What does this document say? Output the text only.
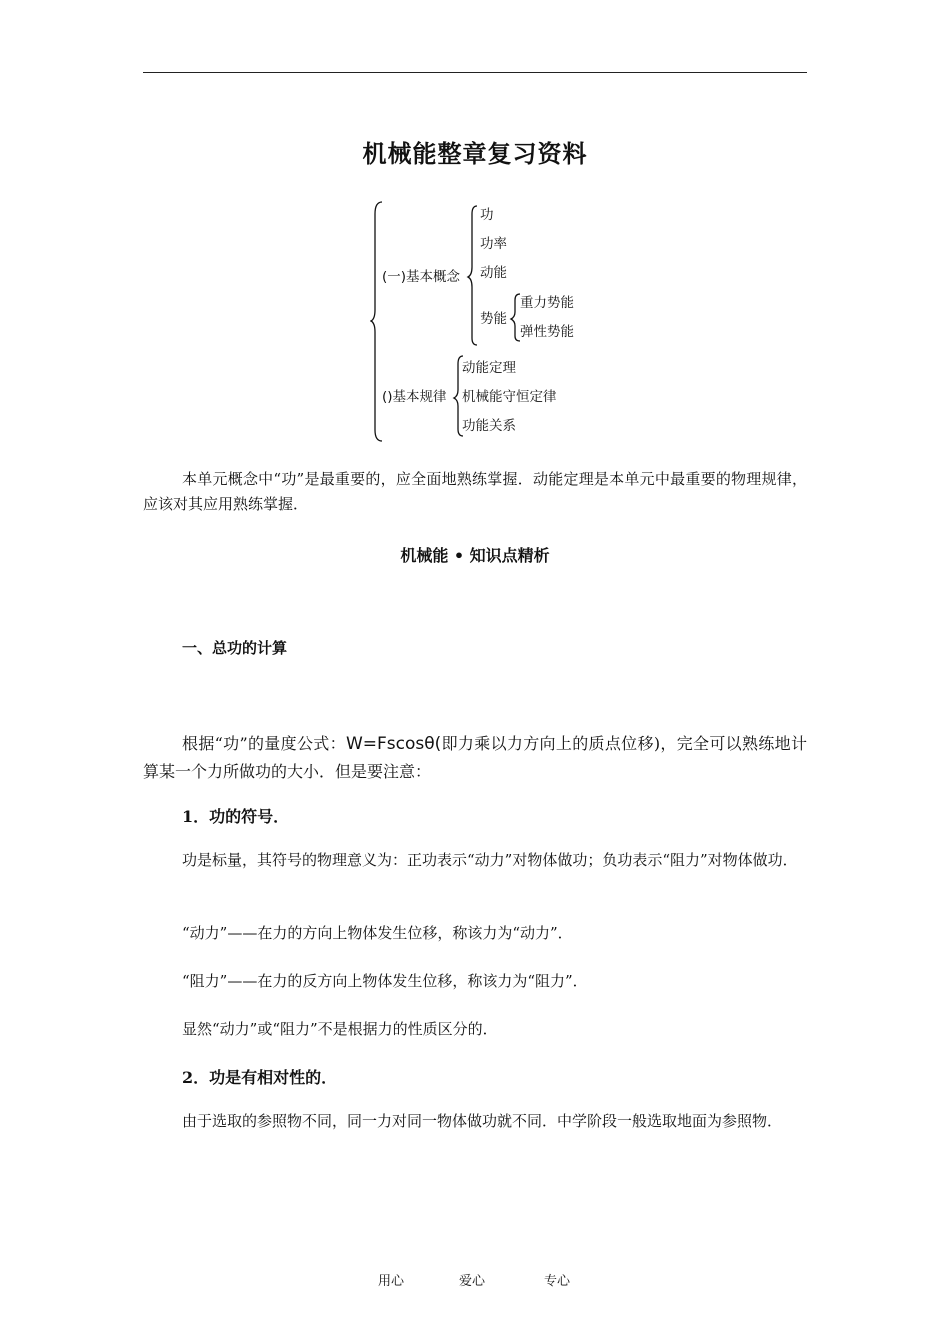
机械能整章复习资料
(一)基本概念
功
功率
动能
势能
重力势能
弹性势能
()基本规律
动能定理
机械能守恒定律
功能关系
本单元概念中“功”是最重要的，应全面地熟练掌握．动能定理是本单元中最重要的物理规律，应该对其应用熟练掌握．
机械能 • 知识点精析
一、总功的计算
根据“功”的量度公式：W=Fscosθ(即力乘以力方向上的质点位移)，完全可以熟练地计算某一个力所做功的大小．但是要注意：
1．功的符号．
功是标量，其符号的物理意义为：正功表示“动力”对物体做功；负功表示“阻力”对物体做功．
“动力”——在力的方向上物体发生位移，称该力为“动力”．
“阻力”——在力的反方向上物体发生位移，称该力为“阻力”．
显然“动力”或“阻力”不是根据力的性质区分的．
2．功是有相对性的．
由于选取的参照物不同，同一力对同一物体做功就不同．中学阶段一般选取地面为参照物．
用心	爱心	专心
